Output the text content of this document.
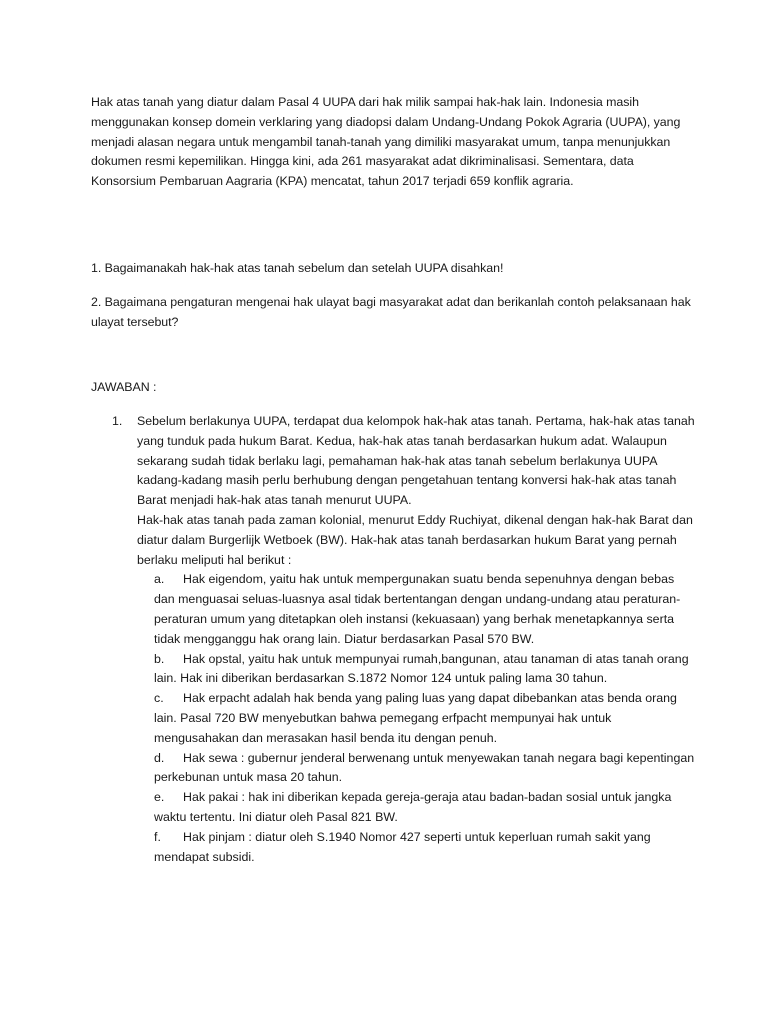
Hak atas tanah yang diatur dalam Pasal 4 UUPA dari hak milik sampai hak-hak lain. Indonesia masih menggunakan konsep domein verklaring yang diadopsi dalam Undang-Undang Pokok Agraria (UUPA), yang menjadi alasan negara untuk mengambil tanah-tanah yang dimiliki masyarakat umum, tanpa menunjukkan dokumen resmi kepemilikan. Hingga kini, ada 261 masyarakat adat dikriminalisasi. Sementara, data Konsorsium Pembaruan Aagraria (KPA) mencatat, tahun 2017 terjadi 659 konflik agraria.

1. Bagaimanakah hak-hak atas tanah sebelum dan setelah UUPA disahkan!

2. Bagaimana pengaturan mengenai hak ulayat bagi masyarakat adat dan berikanlah contoh pelaksanaan hak ulayat tersebut?

JAWABAN :

1.	Sebelum berlakunya UUPA, terdapat dua kelompok hak-hak atas tanah. Pertama, hak-hak atas tanah yang tunduk pada hukum Barat. Kedua, hak-hak atas tanah berdasarkan hukum adat. Walaupun sekarang sudah tidak berlaku lagi, pemahaman hak-hak atas tanah sebelum berlakunya UUPA kadang-kadang masih perlu berhubung dengan pengetahuan tentang konversi hak-hak atas tanah Barat menjadi hak-hak atas tanah menurut UUPA.

Hak-hak atas tanah pada zaman kolonial, menurut Eddy Ruchiyat, dikenal dengan hak-hak Barat dan diatur dalam Burgerlijk Wetboek (BW). Hak-hak atas tanah berdasarkan hukum Barat yang pernah berlaku meliputi hal berikut :

a. Hak eigendom, yaitu hak untuk mempergunakan suatu benda sepenuhnya dengan bebas dan menguasai seluas-luasnya asal tidak bertentangan dengan undang-undang atau peraturan-peraturan umum yang ditetapkan oleh instansi (kekuasaan) yang berhak menetapkannya serta tidak mengganggu hak orang lain. Diatur berdasarkan Pasal 570 BW.
b. Hak opstal, yaitu hak untuk mempunyai rumah,bangunan, atau tanaman di atas tanah orang lain. Hak ini diberikan berdasarkan S.1872 Nomor 124 untuk paling lama 30 tahun.
c. Hak erpacht adalah hak benda yang paling luas yang dapat dibebankan atas benda orang lain. Pasal 720 BW menyebutkan bahwa pemegang erfpacht mempunyai hak untuk mengusahakan dan merasakan hasil benda itu dengan penuh.
d. Hak sewa : gubernur jenderal berwenang untuk menyewakan tanah negara bagi kepentingan perkebunan untuk masa 20 tahun.
e. Hak pakai : hak ini diberikan kepada gereja-geraja atau badan-badan sosial untuk jangka waktu tertentu. Ini diatur oleh Pasal 821 BW.
f. Hak pinjam : diatur oleh S.1940 Nomor 427 seperti untuk keperluan rumah sakit yang mendapat subsidi.
